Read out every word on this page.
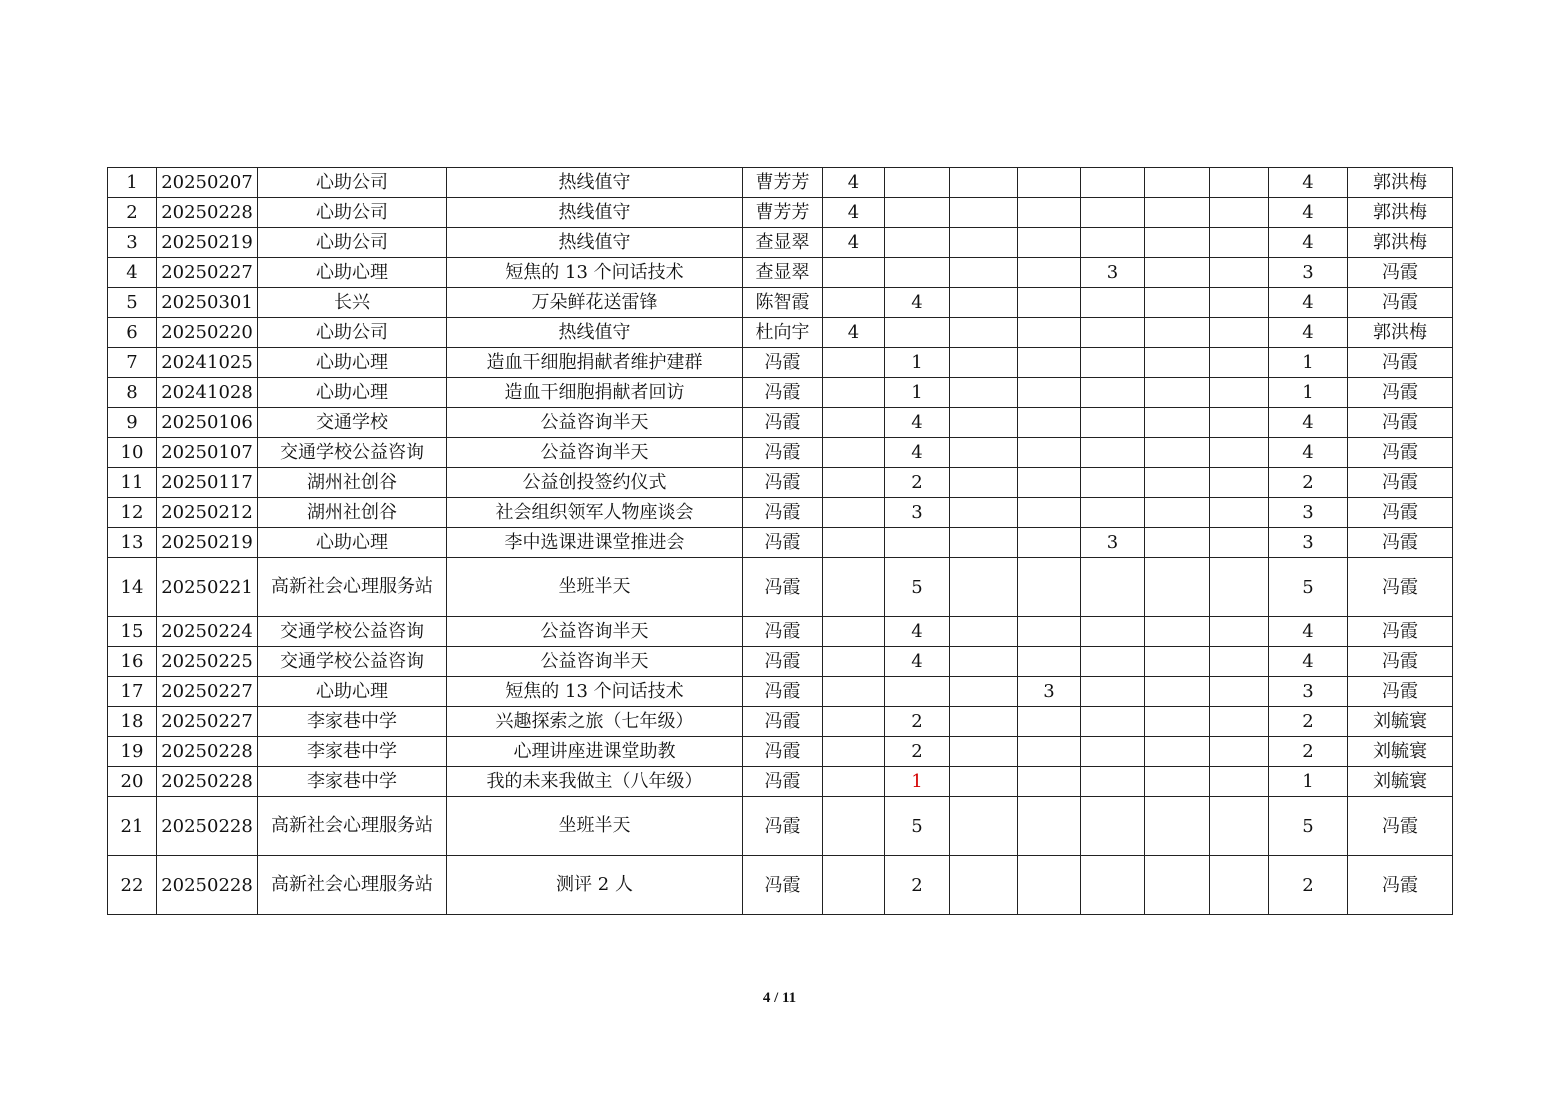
1	20250207	心助公司	热线值守	曹芳芳	4							4	郭洪梅
2	20250228	心助公司	热线值守	曹芳芳	4							4	郭洪梅
3	20250219	心助公司	热线值守	查显翠	4							4	郭洪梅
4	20250227	心助心理	短焦的 13 个问话技术	查显翠					3			3	冯霞
5	20250301	长兴	万朵鲜花送雷锋	陈智霞		4						4	冯霞
6	20250220	心助公司	热线值守	杜向宇	4							4	郭洪梅
7	20241025	心助心理	造血干细胞捐献者维护建群	冯霞		1						1	冯霞
8	20241028	心助心理	造血干细胞捐献者回访	冯霞		1						1	冯霞
9	20250106	交通学校	公益咨询半天	冯霞		4						4	冯霞
10	20250107	交通学校公益咨询	公益咨询半天	冯霞		4						4	冯霞
11	20250117	湖州社创谷	公益创投签约仪式	冯霞		2						2	冯霞
12	20250212	湖州社创谷	社会组织领军人物座谈会	冯霞		3						3	冯霞
13	20250219	心助心理	李中选课进课堂推进会	冯霞					3			3	冯霞
14	20250221	高新社会心理服务站	坐班半天	冯霞		5						5	冯霞
15	20250224	交通学校公益咨询	公益咨询半天	冯霞		4						4	冯霞
16	20250225	交通学校公益咨询	公益咨询半天	冯霞		4						4	冯霞
17	20250227	心助心理	短焦的 13 个问话技术	冯霞				3				3	冯霞
18	20250227	李家巷中学	兴趣探索之旅（七年级）	冯霞		2						2	刘毓寰
19	20250228	李家巷中学	心理讲座进课堂助教	冯霞		2						2	刘毓寰
20	20250228	李家巷中学	我的未来我做主（八年级）	冯霞		1						1	刘毓寰
21	20250228	高新社会心理服务站	坐班半天	冯霞		5						5	冯霞
22	20250228	高新社会心理服务站	测评 2 人	冯霞		2						2	冯霞
4 / 11
